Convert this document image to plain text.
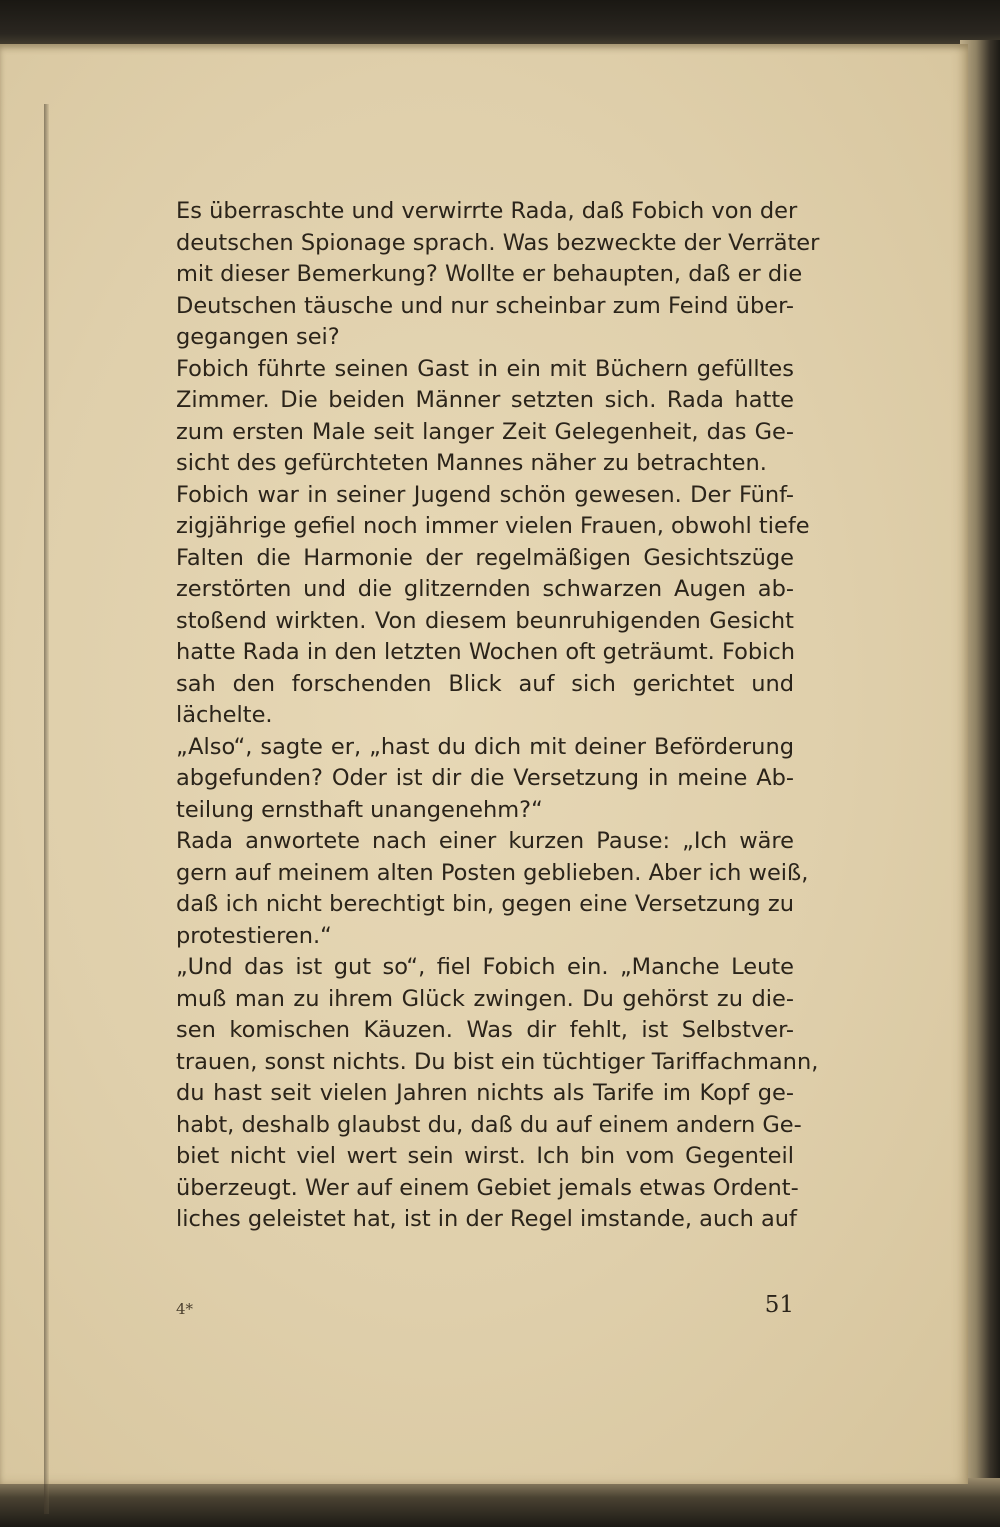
Es überraschte und verwirrte Rada, daß Fobich von der
deutschen Spionage sprach. Was bezweckte der Verräter
mit dieser Bemerkung? Wollte er behaupten, daß er die
Deutschen täusche und nur scheinbar zum Feind über-
gegangen sei?
Fobich führte seinen Gast in ein mit Büchern gefülltes
Zimmer. Die beiden Männer setzten sich. Rada hatte
zum ersten Male seit langer Zeit Gelegenheit, das Ge-
sicht des gefürchteten Mannes näher zu betrachten.
Fobich war in seiner Jugend schön gewesen. Der Fünf-
zigjährige gefiel noch immer vielen Frauen, obwohl tiefe
Falten die Harmonie der regelmäßigen Gesichtszüge
zerstörten und die glitzernden schwarzen Augen ab-
stoßend wirkten. Von diesem beunruhigenden Gesicht
hatte Rada in den letzten Wochen oft geträumt. Fobich
sah den forschenden Blick auf sich gerichtet und
lächelte.
„Also“, sagte er, „hast du dich mit deiner Beförderung
abgefunden? Oder ist dir die Versetzung in meine Ab-
teilung ernsthaft unangenehm?“
Rada anwortete nach einer kurzen Pause: „Ich wäre
gern auf meinem alten Posten geblieben. Aber ich weiß,
daß ich nicht berechtigt bin, gegen eine Versetzung zu
protestieren.“
„Und das ist gut so“, fiel Fobich ein. „Manche Leute
muß man zu ihrem Glück zwingen. Du gehörst zu die-
sen komischen Käuzen. Was dir fehlt, ist Selbstver-
trauen, sonst nichts. Du bist ein tüchtiger Tariffachmann,
du hast seit vielen Jahren nichts als Tarife im Kopf ge-
habt, deshalb glaubst du, daß du auf einem andern Ge-
biet nicht viel wert sein wirst. Ich bin vom Gegenteil
überzeugt. Wer auf einem Gebiet jemals etwas Ordent-
liches geleistet hat, ist in der Regel imstande, auch auf
4*	51
